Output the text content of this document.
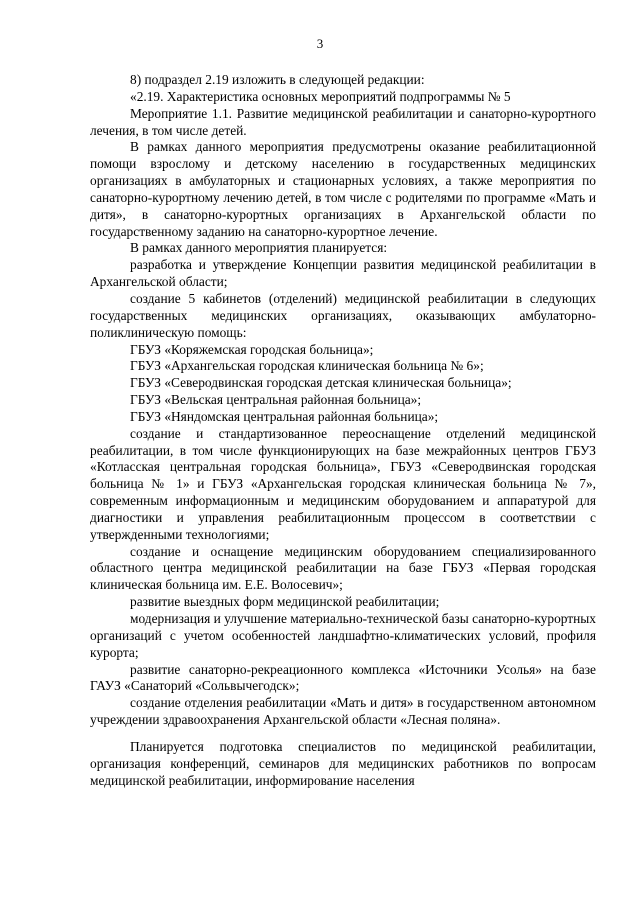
3

8) подраздел 2.19 изложить в следующей редакции:

«2.19. Характеристика основных мероприятий подпрограммы № 5

Мероприятие 1.1. Развитие медицинской реабилитации и санаторно-курортного лечения, в том числе детей.

В рамках данного мероприятия предусмотрены оказание реабилитационной помощи взрослому и детскому населению в государственных медицинских организациях в амбулаторных и стационарных условиях, а также мероприятия по санаторно-курортному лечению детей, в том числе с родителями по программе «Мать и дитя», в санаторно-курортных организациях в Архангельской области по государственному заданию на санаторно-курортное лечение.

В рамках данного мероприятия планируется:

разработка и утверждение Концепции развития медицинской реабилитации в Архангельской области;

создание 5 кабинетов (отделений) медицинской реабилитации в следующих государственных медицинских организациях, оказывающих амбулаторно-поликлиническую помощь:

ГБУЗ «Коряжемская городская больница»;

ГБУЗ «Архангельская городская клиническая больница № 6»;

ГБУЗ «Северодвинская городская детская клиническая больница»;

ГБУЗ «Вельская центральная районная больница»;

ГБУЗ «Няндомская центральная районная больница»;

создание и стандартизованное переоснащение отделений медицинской реабилитации, в том числе функционирующих на базе межрайонных центров ГБУЗ «Котласская центральная городская больница», ГБУЗ «Северодвинская городская больница № 1» и ГБУЗ «Архангельская городская клиническая больница № 7», современным информационным и медицинским оборудованием и аппаратурой для диагностики и управления реабилитационным процессом в соответствии с утвержденными технологиями;

создание и оснащение медицинским оборудованием специализированного областного центра медицинской реабилитации на базе ГБУЗ «Первая городская клиническая больница им. Е.Е. Волосевич»;

развитие выездных форм медицинской реабилитации;

модернизация и улучшение материально-технической базы санаторно-курортных организаций с учетом особенностей ландшафтно-климатических условий, профиля курорта;

развитие санаторно-рекреационного комплекса «Источники Усолья» на базе ГАУЗ «Санаторий «Сольвычегодск»;

создание отделения реабилитации «Мать и дитя» в государственном автономном учреждении здравоохранения Архангельской области «Лесная поляна».

Планируется подготовка специалистов по медицинской реабилитации, организация конференций, семинаров для медицинских работников по вопросам медицинской реабилитации, информирование населения
